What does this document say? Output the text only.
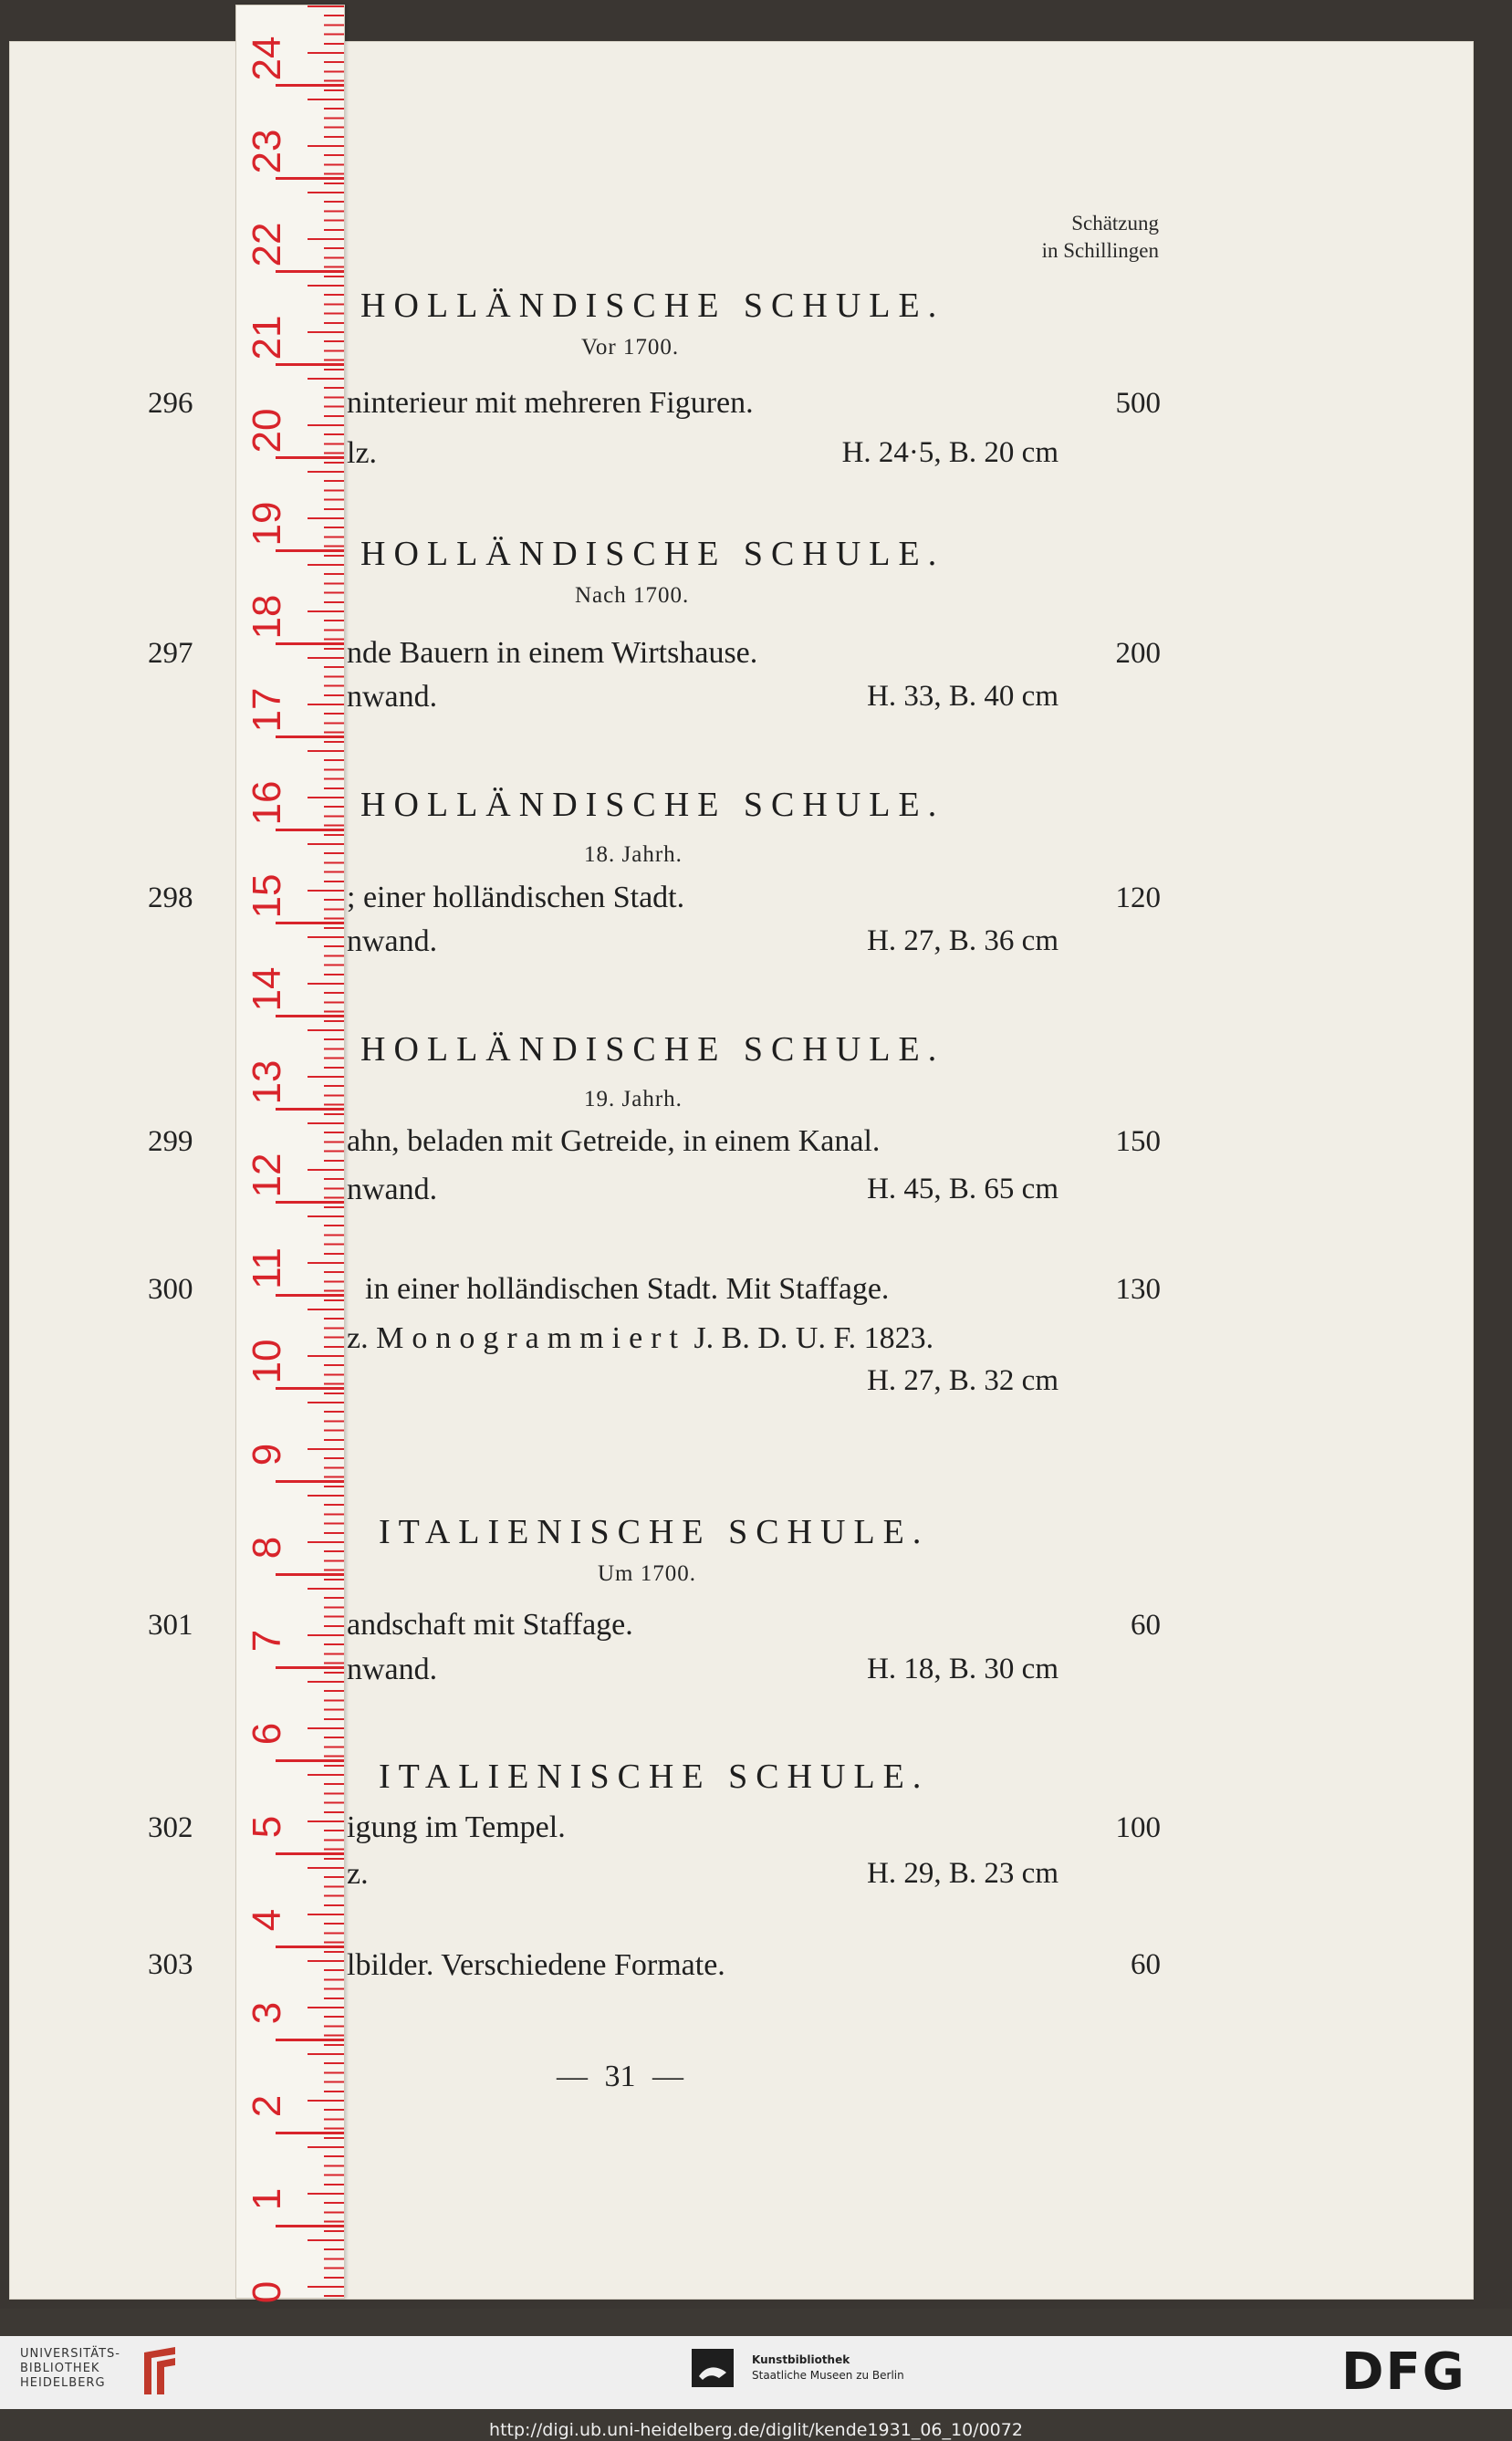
Schätzung
in Schillingen
HOLLÄNDISCHE SCHULE.
Vor 1700.
296	ninterieur mit mehreren Figuren.	500
lz.	H. 24·5, B. 20 cm
HOLLÄNDISCHE SCHULE.
Nach 1700.
297	nde Bauern in einem Wirtshause.	200
nwand.	H. 33, B. 40 cm
HOLLÄNDISCHE SCHULE.
18. Jahrh.
298	; einer holländischen Stadt.	120
nwand.	H. 27, B. 36 cm
HOLLÄNDISCHE SCHULE.
19. Jahrh.
299	ahn, beladen mit Getreide, in einem Kanal.	150
nwand.	H. 45, B. 65 cm
300	in einer holländischen Stadt. Mit Staffage.	130
z. Monogrammiert J. B. D. U. F. 1823.
H. 27, B. 32 cm
ITALIENISCHE SCHULE.
Um 1700.
301	andschaft mit Staffage.	60
nwand.	H. 18, B. 30 cm
ITALIENISCHE SCHULE.
302	igung im Tempel.	100
z.	H. 29, B. 23 cm
303	lbilder. Verschiedene Formate.	60
— 31 —
24
23
22
21
20
19
18
17
16
15
14
13
12
11
10
9
8
7
6
5
4
3
2
1
0
UNIVERSITÄTS-
BIBLIOTHEK
HEIDELBERG
Kunstbibliothek
Staatliche Museen zu Berlin	DFG
http://digi.ub.uni-heidelberg.de/diglit/kende1931_06_10/0072
